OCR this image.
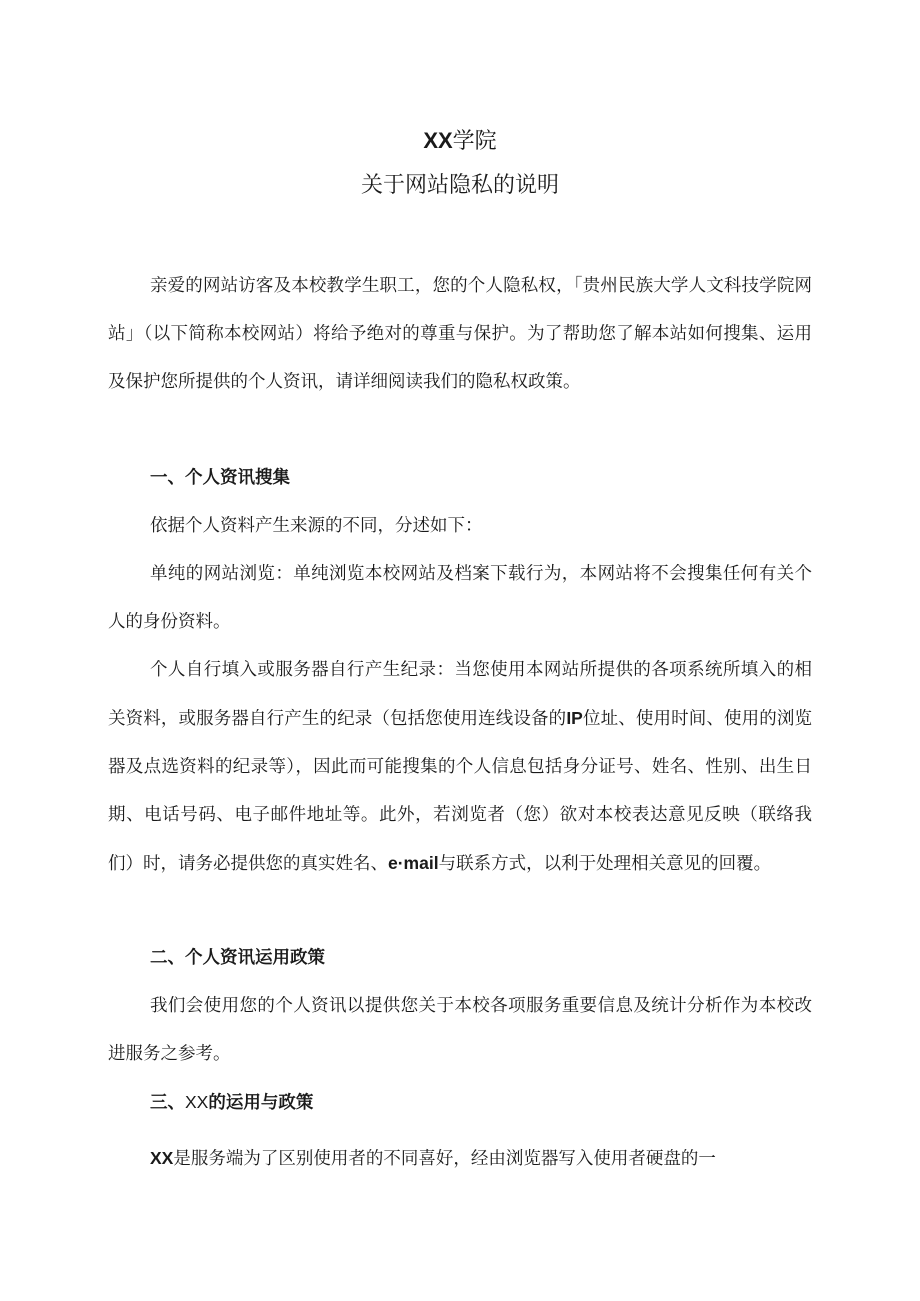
XX学院
关于网站隐私的说明

亲爱的网站访客及本校教学生职工，您的个人隐私权，「贵州民族大学人文科技学院网站」（以下简称本校网站）将给予绝对的尊重与保护。为了帮助您了解本站如何搜集、运用及保护您所提供的个人资讯，请详细阅读我们的隐私权政策。

一、个人资讯搜集

依据个人资料产生来源的不同，分述如下：

单纯的网站浏览：单纯浏览本校网站及档案下载行为，本网站将不会搜集任何有关个人的身份资料。

个人自行填入或服务器自行产生纪录：当您使用本网站所提供的各项系统所填入的相关资料，或服务器自行产生的纪录（包括您使用连线设备的IP位址、使用时间、使用的浏览器及点选资料的纪录等），因此而可能搜集的个人信息包括身分证号、姓名、性别、出生日期、电话号码、电子邮件地址等。此外，若浏览者（您）欲对本校表达意见反映（联络我们）时，请务必提供您的真实姓名、e·mail与联系方式，以利于处理相关意见的回覆。

二、个人资讯运用政策

我们会使用您的个人资讯以提供您关于本校各项服务重要信息及统计分析作为本校改进服务之参考。

三、XX的运用与政策

XX是服务端为了区别使用者的不同喜好，经由浏览器写入使用者硬盘的一
